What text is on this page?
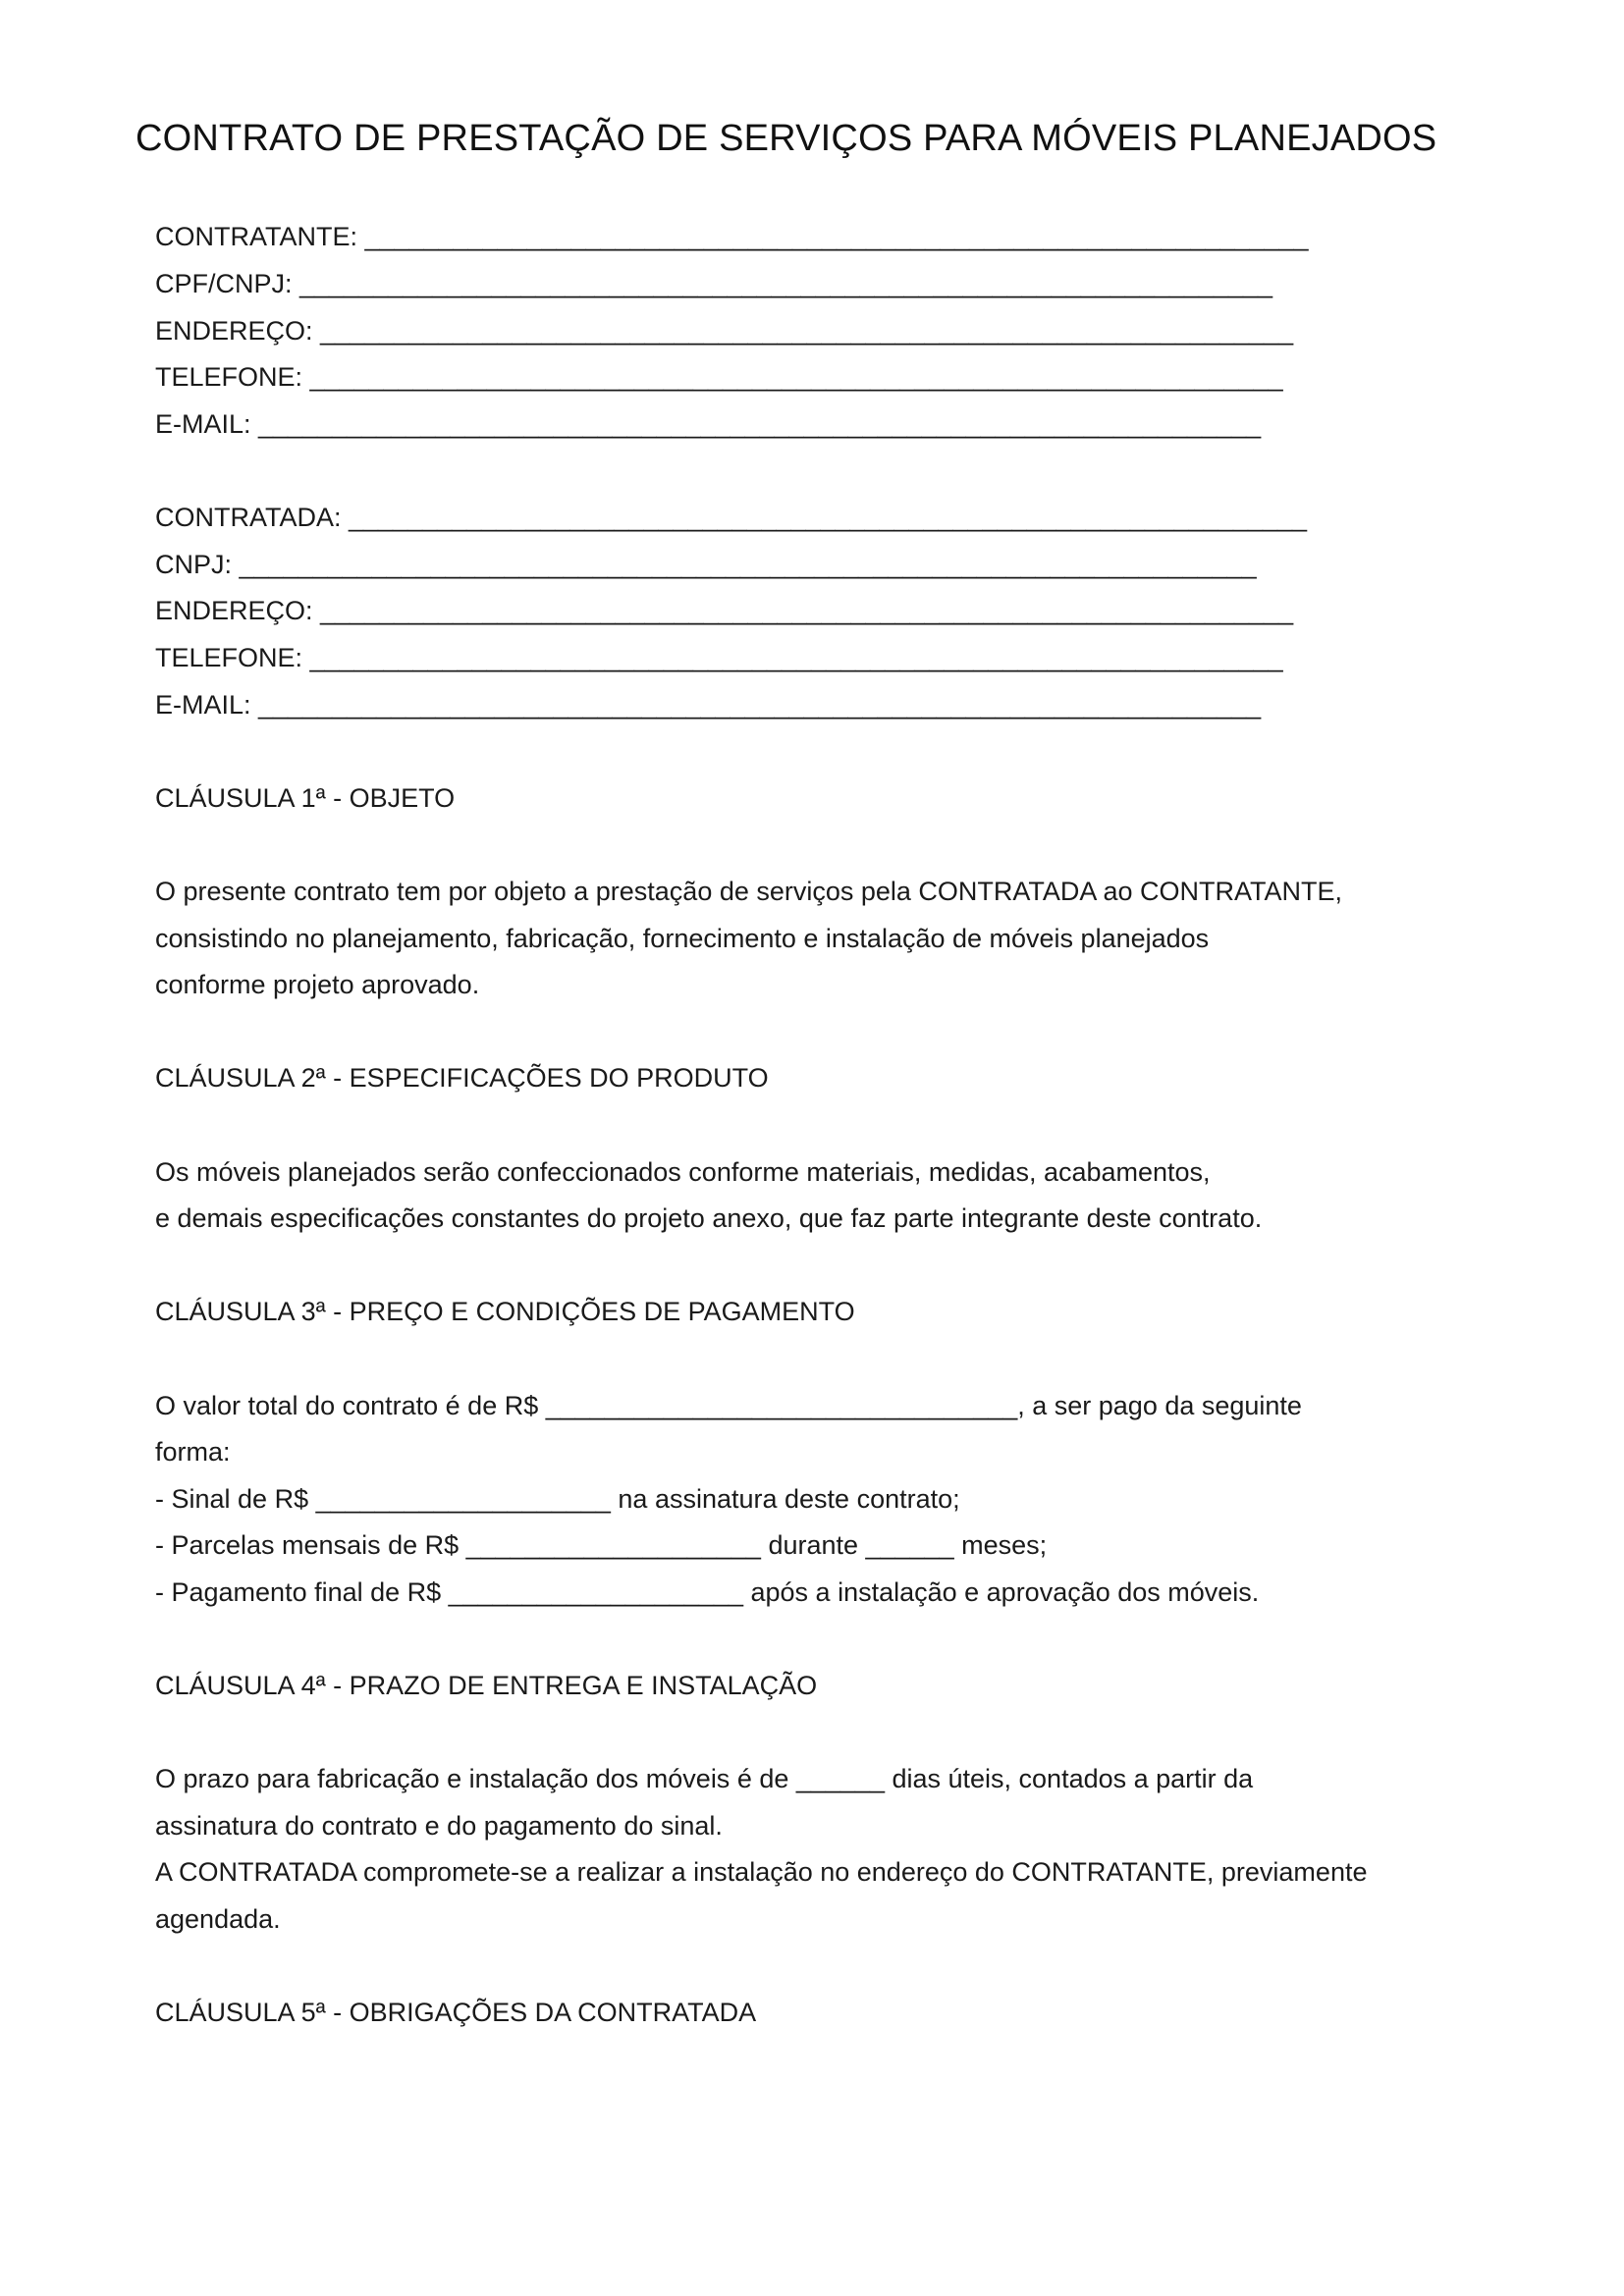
CONTRATO DE PRESTAÇÃO DE SERVIÇOS PARA MÓVEIS PLANEJADOS
CONTRATANTE: ________________________________________________________________
CPF/CNPJ: __________________________________________________________________
ENDEREÇO: __________________________________________________________________
TELEFONE: __________________________________________________________________
E-MAIL: ____________________________________________________________________
CONTRATADA: _________________________________________________________________
CNPJ: _____________________________________________________________________
ENDEREÇO: __________________________________________________________________
TELEFONE: __________________________________________________________________
E-MAIL: ____________________________________________________________________
CLÁUSULA 1ª - OBJETO
O presente contrato tem por objeto a prestação de serviços pela CONTRATADA ao CONTRATANTE,
consistindo no planejamento, fabricação, fornecimento e instalação de móveis planejados
conforme projeto aprovado.
CLÁUSULA 2ª - ESPECIFICAÇÕES DO PRODUTO
Os móveis planejados serão confeccionados conforme materiais, medidas, acabamentos,
e demais especificações constantes do projeto anexo, que faz parte integrante deste contrato.
CLÁUSULA 3ª - PREÇO E CONDIÇÕES DE PAGAMENTO
O valor total do contrato é de R$ ________________________________, a ser pago da seguinte
forma:
- Sinal de R$ ____________________ na assinatura deste contrato;
- Parcelas mensais de R$ ____________________ durante ______ meses;
- Pagamento final de R$ ____________________ após a instalação e aprovação dos móveis.
CLÁUSULA 4ª - PRAZO DE ENTREGA E INSTALAÇÃO
O prazo para fabricação e instalação dos móveis é de ______ dias úteis, contados a partir da
assinatura do contrato e do pagamento do sinal.
A CONTRATADA compromete-se a realizar a instalação no endereço do CONTRATANTE, previamente
agendada.
CLÁUSULA 5ª - OBRIGAÇÕES DA CONTRATADA
